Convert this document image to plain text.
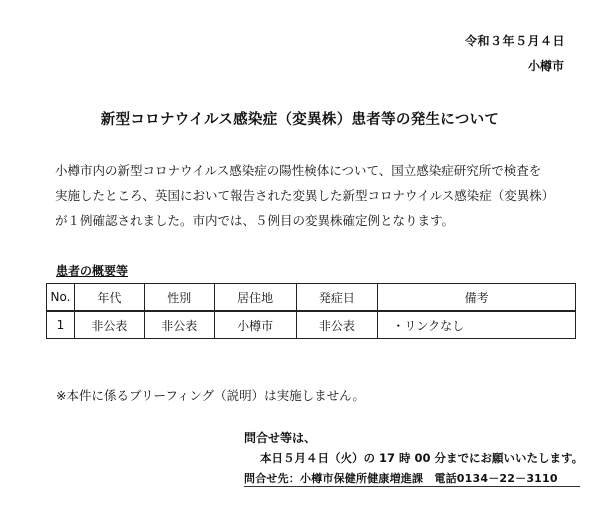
令和３年５月４日
小樽市
新型コロナウイルス感染症（変異株）患者等の発生について
小樽市内の新型コロナウイルス感染症の陽性検体について、国立感染症研究所で検査を
実施したところ、英国において報告された変異した新型コロナウイルス感染症（変異株）
が１例確認されました。市内では、５例目の変異株確定例となります。
患者の概要等
No.	年代	性別	居住地	発症日	備考
1	非公表	非公表	小樽市	非公表	・リンクなし
※本件に係るブリーフィング（説明）は実施しません。
問合せ等は、
本日５月４日（火）の 17 時 00 分までにお願いいたします。
問合せ先：小樽市保健所健康増進課　電話0134－22－3110
